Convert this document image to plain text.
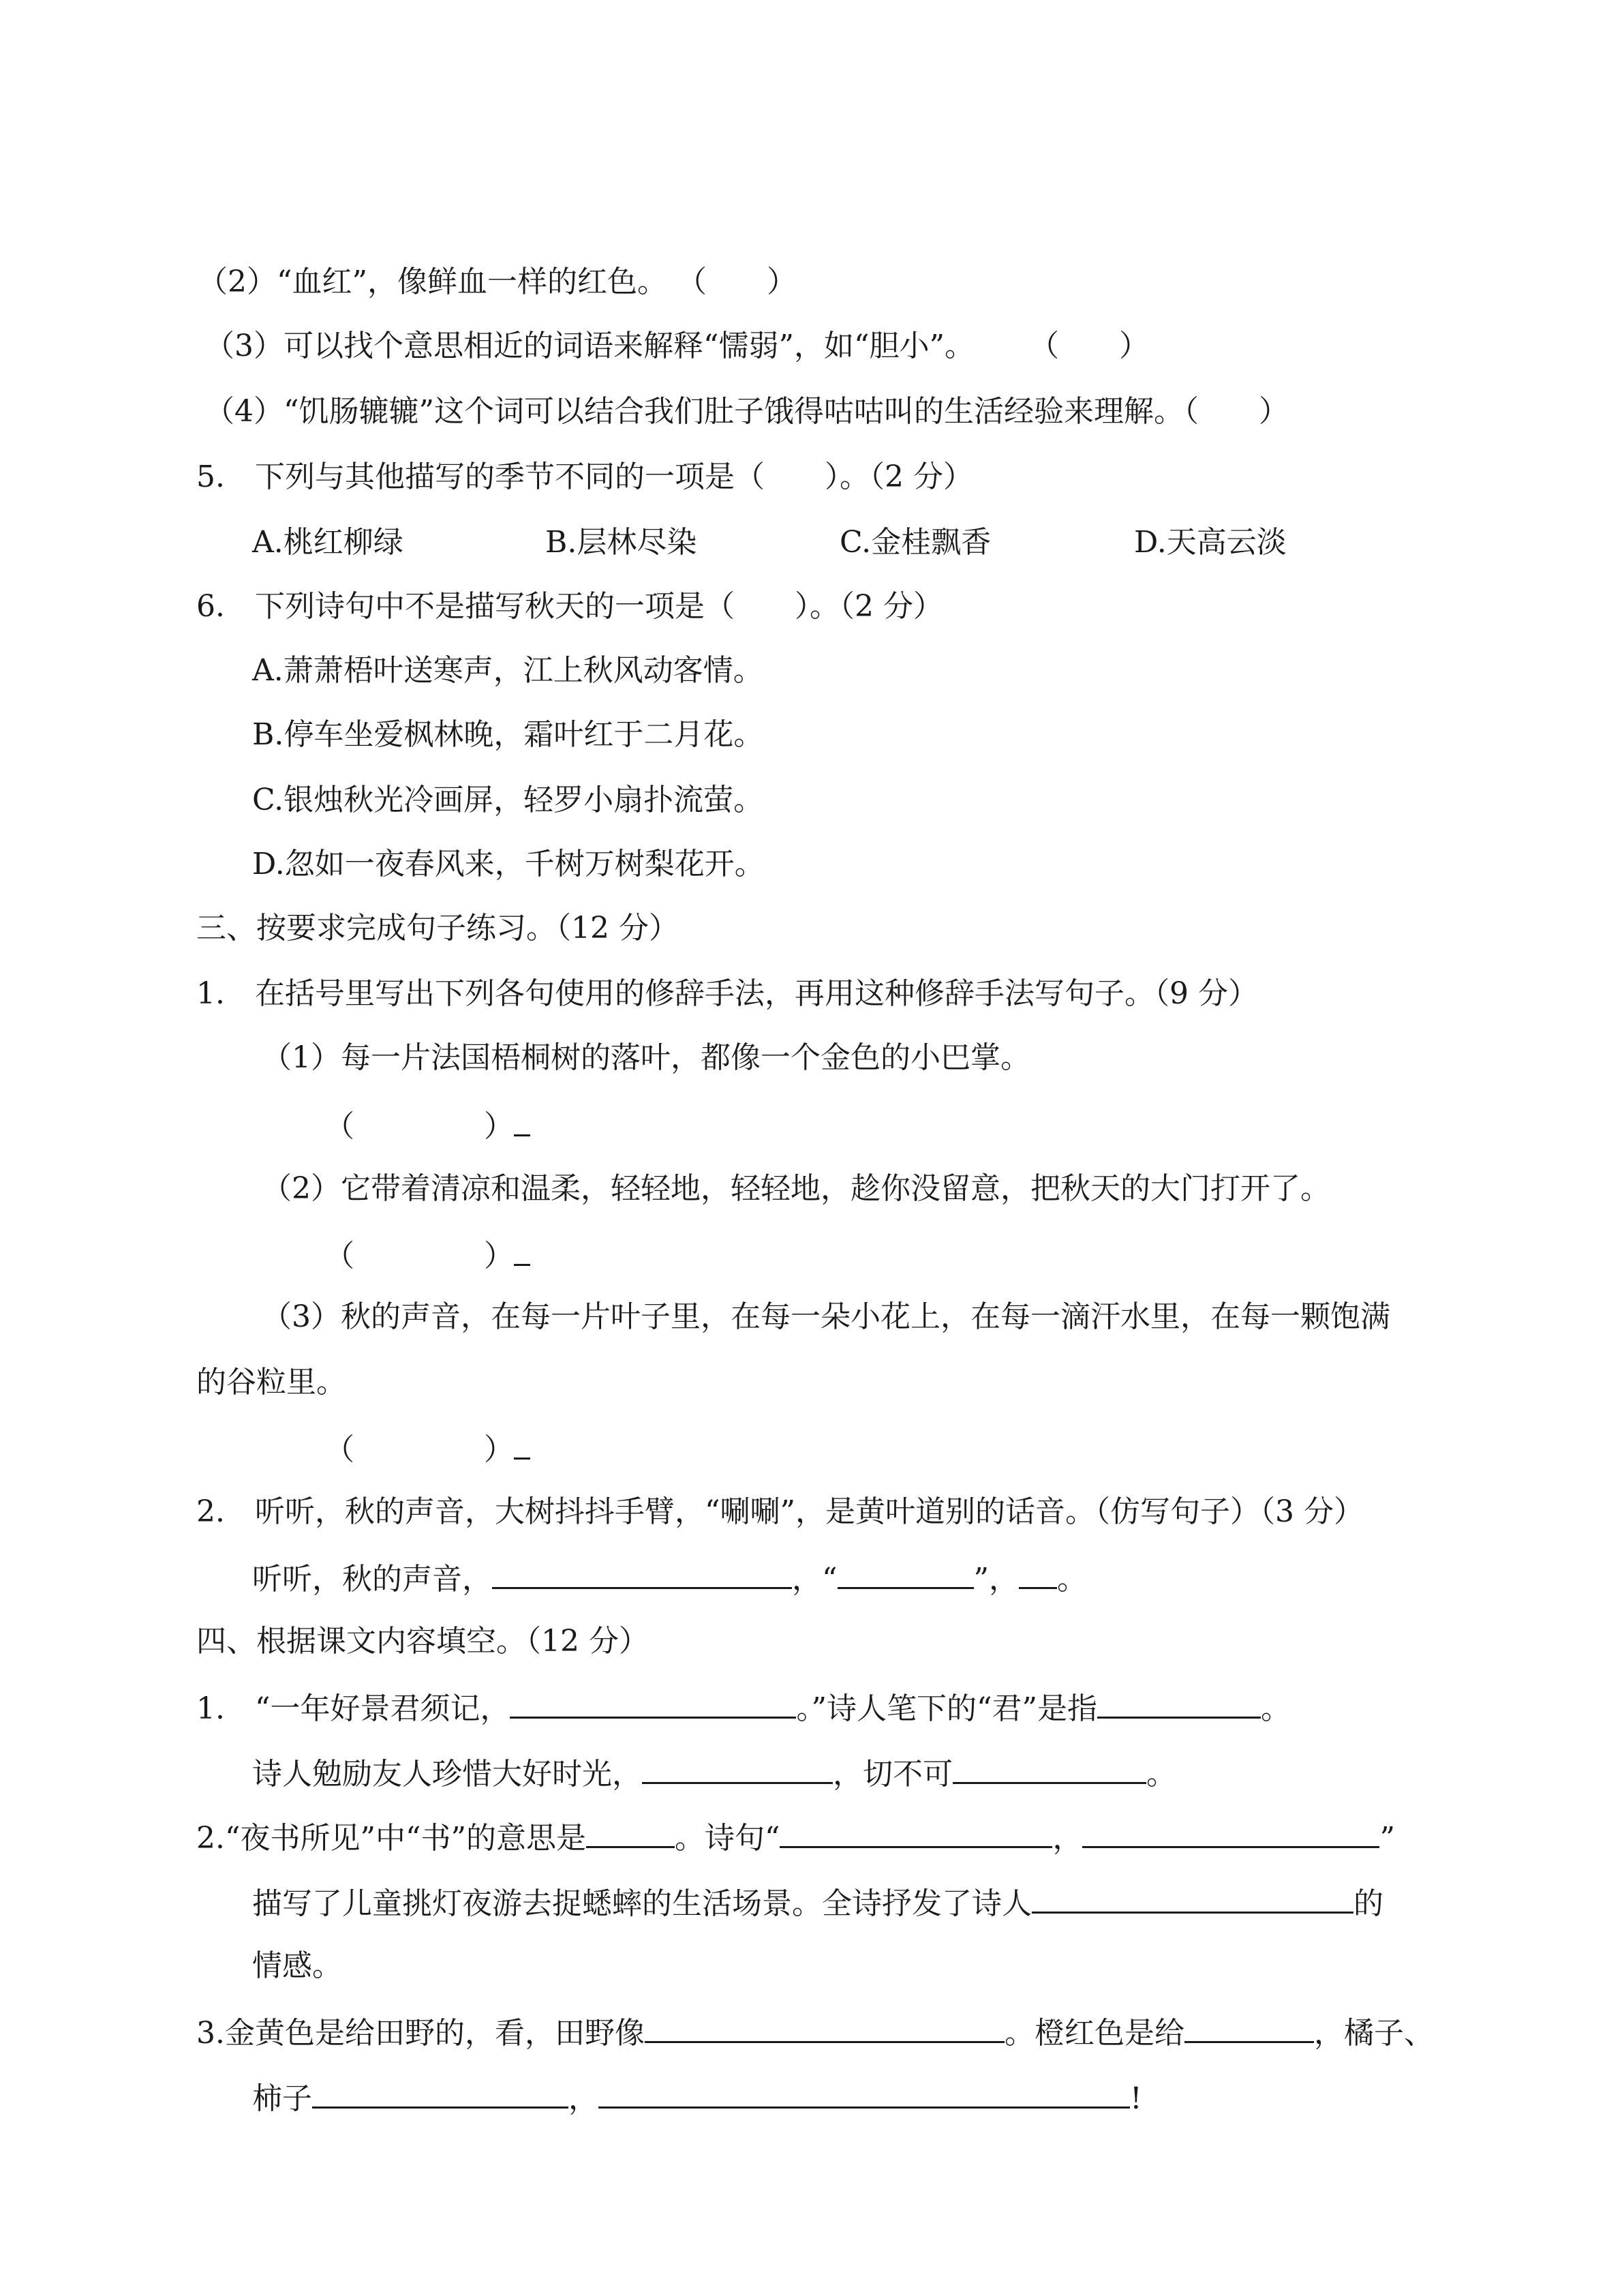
（2）“血红”，像鲜血一样的红色。 （　　）
（3）可以找个意思相近的词语来解释“懦弱”，如“胆小”。　　 （　　）
（4）“饥肠辘辘”这个词可以结合我们肚子饿得咕咕叫的生活经验来理解。（　　）
5.　下列与其他描写的季节不同的一项是（　　）。（2 分）
A.桃红柳绿	B.层林尽染	C.金桂飘香	D.天高云淡
6.　下列诗句中不是描写秋天的一项是（　　）。（2 分）
A.萧萧梧叶送寒声，江上秋风动客情。
B.停车坐爱枫林晚，霜叶红于二月花。
C.银烛秋光冷画屏，轻罗小扇扑流萤。
D.忽如一夜春风来，千树万树梨花开。
三、按要求完成句子练习。（12 分）
1.　在括号里写出下列各句使用的修辞手法，再用这种修辞手法写句子。（9 分）
（1）每一片法国梧桐树的落叶，都像一个金色的小巴掌。
（	）
（2）它带着清凉和温柔，轻轻地，轻轻地，趁你没留意，把秋天的大门打开了。
（	）
（3）秋的声音，在每一片叶子里，在每一朵小花上，在每一滴汗水里，在每一颗饱满
的谷粒里。
（	）
2.　听听，秋的声音，大树抖抖手臂，“唰唰”，是黄叶道别的话音。（仿写句子）（3 分）
听听，秋的声音，	，“	”， 。
四、根据课文内容填空。（12 分）
1.　“一年好景君须记，	。”诗人笔下的“君”是指	。
诗人勉励友人珍惜大好时光，	，切不可	。
2.“夜书所见”中“书”的意思是	。诗句“	，	”
描写了儿童挑灯夜游去捉蟋蟀的生活场景。全诗抒发了诗人	的
情感。
3.金黄色是给田野的，看，田野像	。橙红色是给	，橘子、
柿子	，	!
